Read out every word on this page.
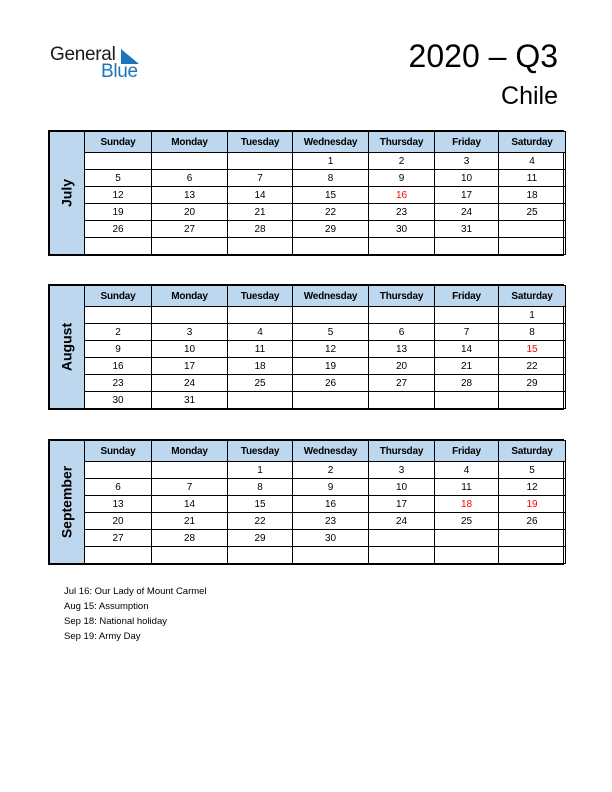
General
Blue	2020 – Q3
Chile
July	Sunday	Monday	Tuesday	Wednesday	Thursday	Friday	Saturday
				1	2	3	4
	5	6	7	8	9	10	11
	12	13	14	15	16	17	18
	19	20	21	22	23	24	25
	26	27	28	29	30	31	

August	Sunday	Monday	Tuesday	Wednesday	Thursday	Friday	Saturday
							1
	2	3	4	5	6	7	8
	9	10	11	12	13	14	15
	16	17	18	19	20	21	22
	23	24	25	26	27	28	29
	30	31					
September	Sunday	Monday	Tuesday	Wednesday	Thursday	Friday	Saturday
			1	2	3	4	5
	6	7	8	9	10	11	12
	13	14	15	16	17	18	19
	20	21	22	23	24	25	26
	27	28	29	30			

Jul 16: Our Lady of Mount Carmel
Aug 15: Assumption
Sep 18: National holiday
Sep 19: Army Day
